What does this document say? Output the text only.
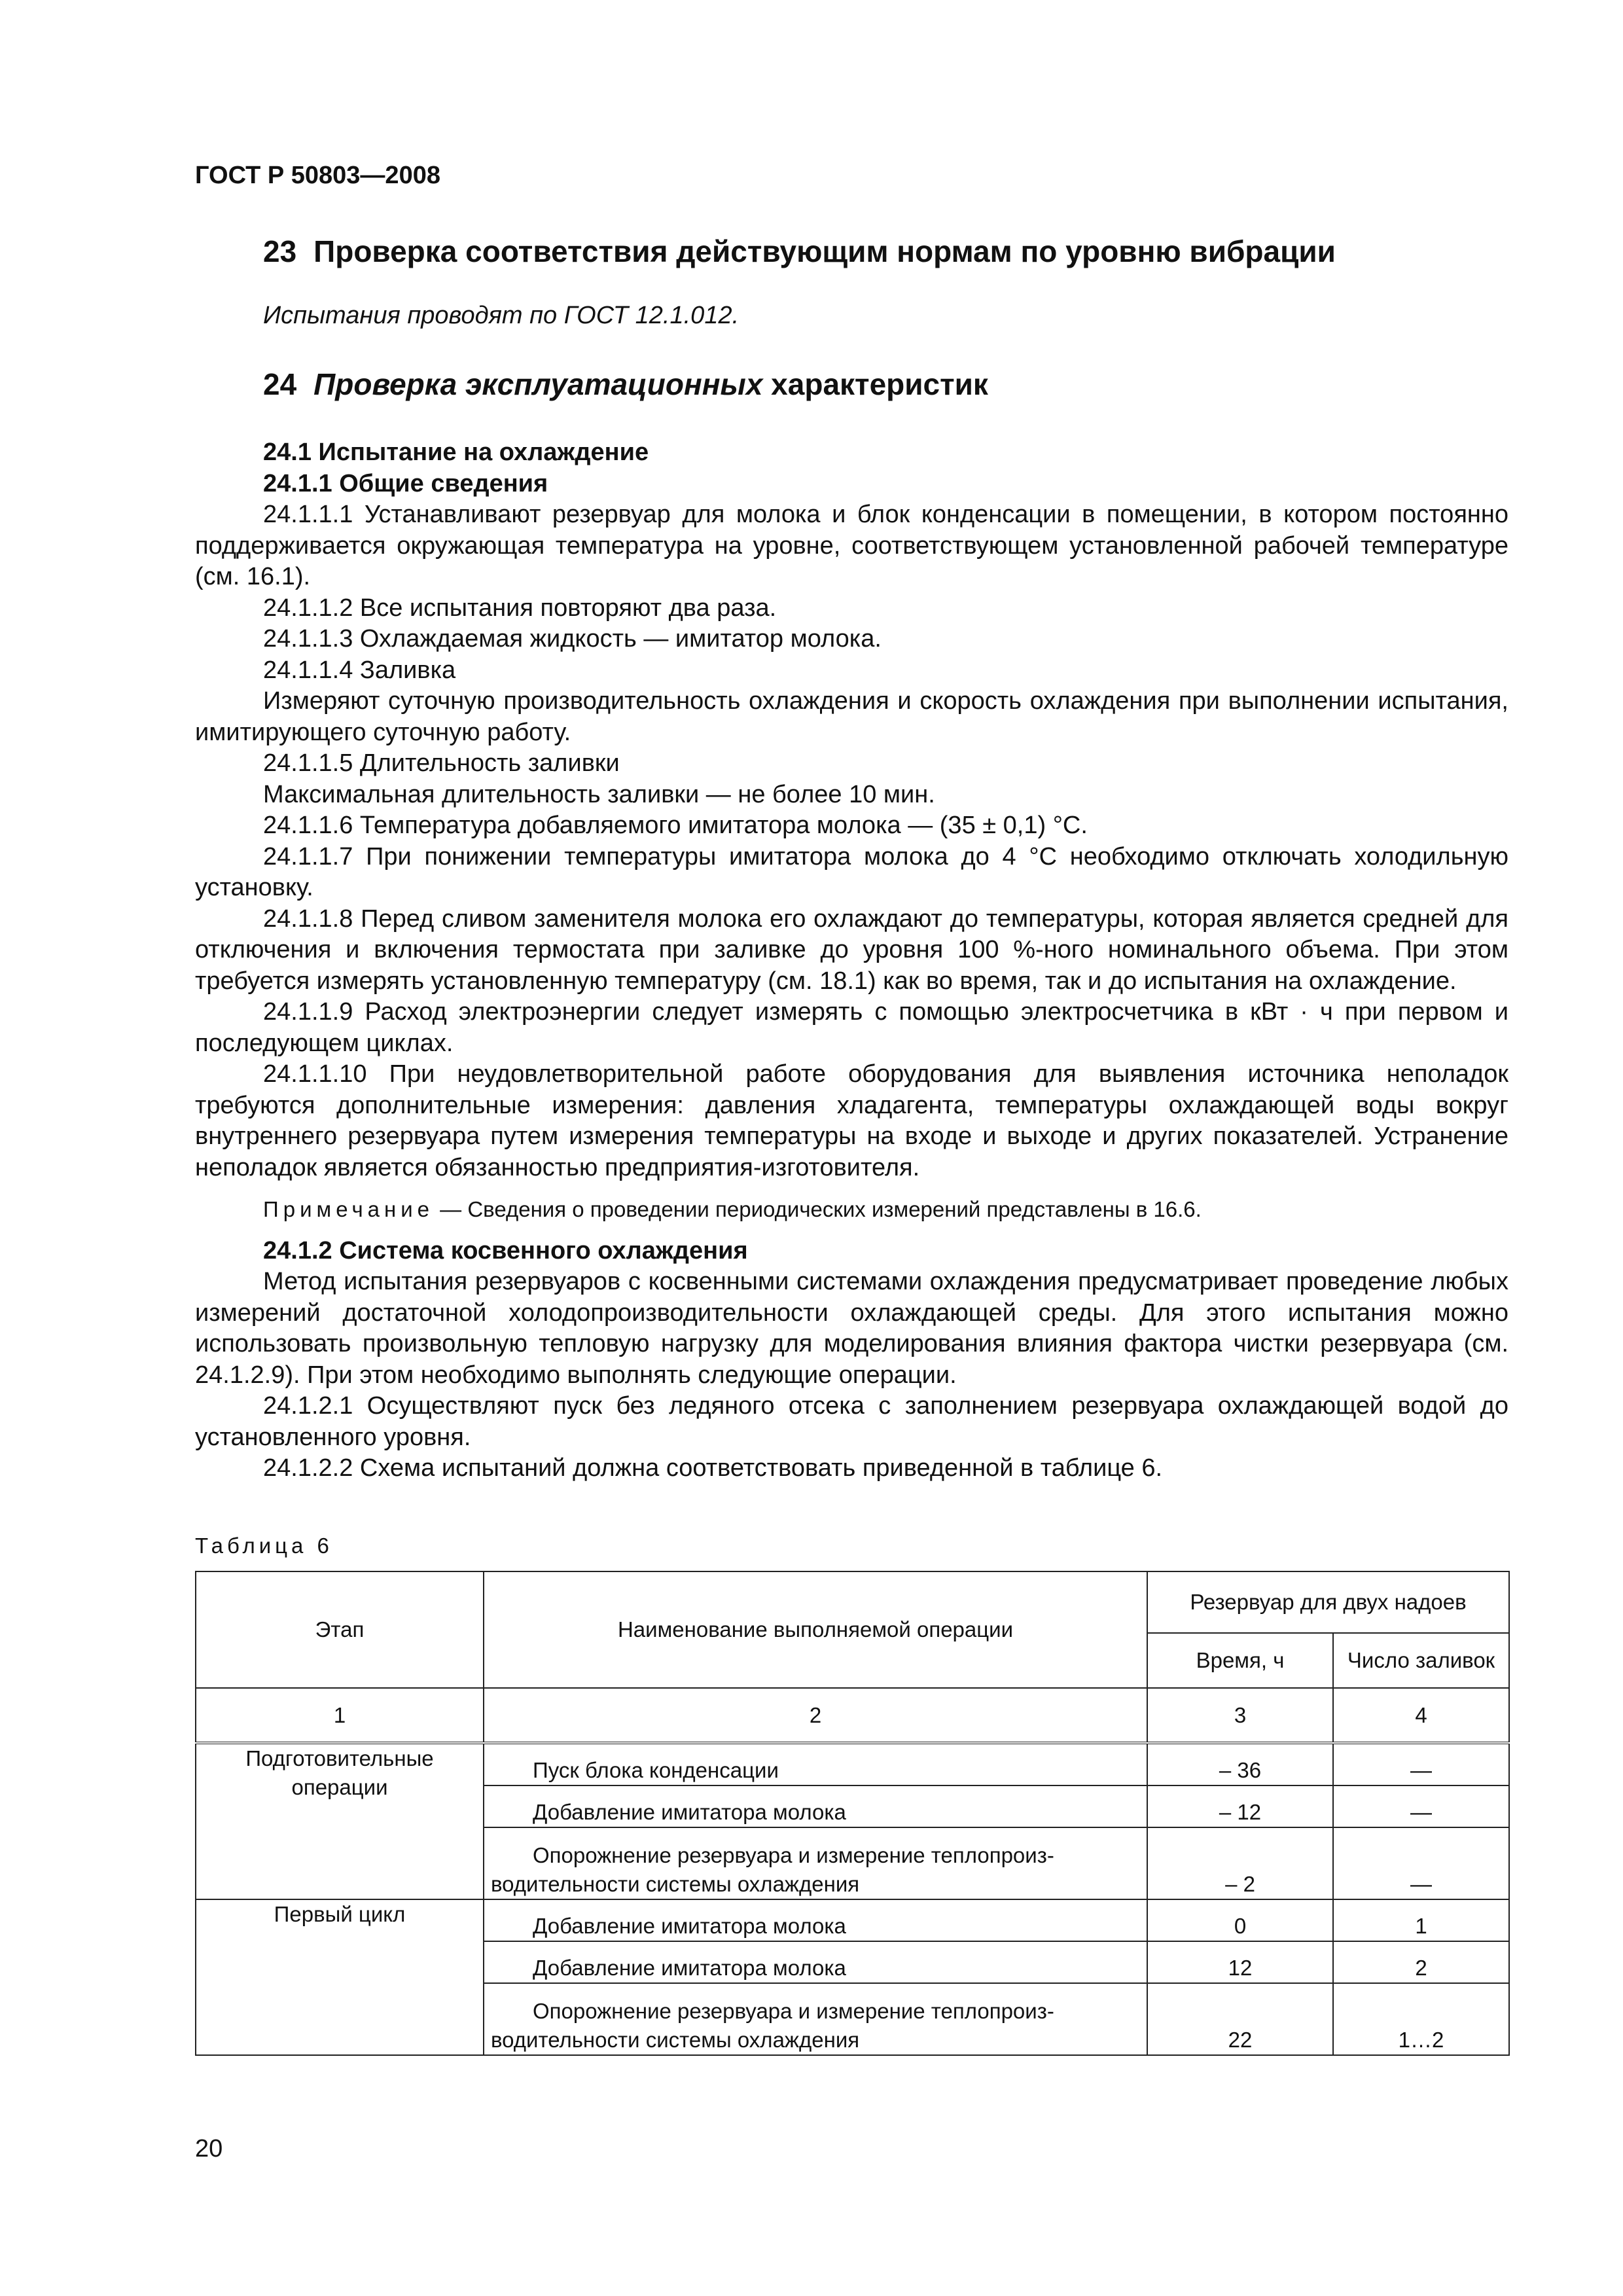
ГОСТ Р 50803—2008
23 Проверка соответствия действующим нормам по уровню вибрации
Испытания проводят по ГОСТ 12.1.012.
24 Проверка эксплуатационных характеристик

24.1 Испытание на охлаждение

24.1.1 Общие сведения

24.1.1.1 Устанавливают резервуар для молока и блок конденсации в помещении, в котором постоянно поддерживается окружающая температура на уровне, соответствующем установленной рабочей температуре (см. 16.1).

24.1.1.2 Все испытания повторяют два раза.

24.1.1.3 Охлаждаемая жидкость — имитатор молока.

24.1.1.4 Заливка

Измеряют суточную производительность охлаждения и скорость охлаждения при выполнении испытания, имитирующего суточную работу.

24.1.1.5 Длительность заливки

Максимальная длительность заливки — не более 10 мин.

24.1.1.6 Температура добавляемого имитатора молока — (35 ± 0,1) °С.

24.1.1.7 При понижении температуры имитатора молока до 4 °С необходимо отключать холодильную установку.

24.1.1.8 Перед сливом заменителя молока его охлаждают до температуры, которая является средней для отключения и включения термостата при заливке до уровня 100 %-ного номинального объема. При этом требуется измерять установленную температуру (см. 18.1) как во время, так и до испытания на охлаждение.

24.1.1.9 Расход электроэнергии следует измерять с помощью электросчетчика в кВт · ч при первом и последующем циклах.

24.1.1.10 При неудовлетворительной работе оборудования для выявления источника неполадок требуются дополнительные измерения: давления хладагента, температуры охлаждающей воды вокруг внутреннего резервуара путем измерения температуры на входе и выходе и других показателей. Устранение неполадок является обязанностью предприятия-изготовителя.

Примечание — Сведения о проведении периодических измерений представлены в 16.6.

24.1.2 Система косвенного охлаждения

Метод испытания резервуаров с косвенными системами охлаждения предусматривает проведение любых измерений достаточной холодопроизводительности охлаждающей среды. Для этого испытания можно использовать произвольную тепловую нагрузку для моделирования влияния фактора чистки резервуара (см. 24.1.2.9). При этом необходимо выполнять следующие операции.

24.1.2.1 Осуществляют пуск без ледяного отсека с заполнением резервуара охлаждающей водой до установленного уровня.

24.1.2.2 Схема испытаний должна соответствовать приведенной в таблице 6.

Таблица 6
Этап	Наименование выполняемой операции	Резервуар для двух надоев	
		Время, ч	Число заливок
1	2	3	4
Подготовительные операции	Пуск блока конденсации	– 36	—
	Добавление имитатора молока	– 12	—
	Опорожнение резервуара и измерение теплопроиз-
водительности системы охлаждения	– 2	—
Первый цикл	Добавление имитатора молока	0	1
	Добавление имитатора молока	12	2
	Опорожнение резервуара и измерение теплопроиз-
водительности системы охлаждения	22	1…2
20
